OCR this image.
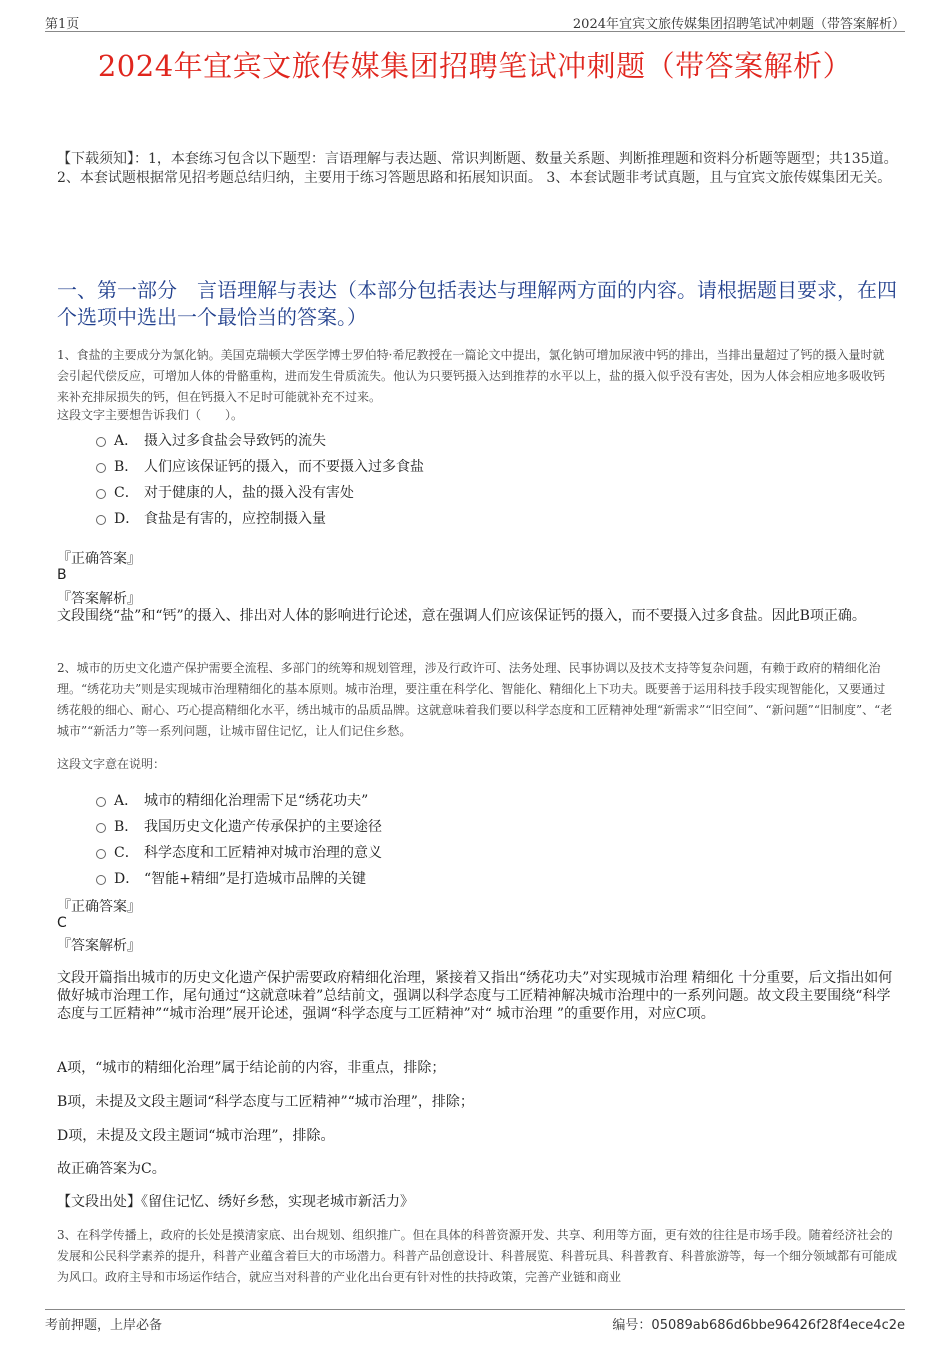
第1页	2024年宜宾文旅传媒集团招聘笔试冲刺题（带答案解析）
2024年宜宾文旅传媒集团招聘笔试冲刺题（带答案解析）
【下载须知】：1，本套练习包含以下题型：言语理解与表达题、常识判断题、数量关系题、判断推理题和资料分析题等题型；共135道。 2、本套试题根据常见招考题总结归纳，主要用于练习答题思路和拓展知识面。 3、本套试题非考试真题，且与宜宾文旅传媒集团无关。
一、第一部分　言语理解与表达（本部分包括表达与理解两方面的内容。请根据题目要求，在四个选项中选出一个最恰当的答案。）
1、食盐的主要成分为氯化钠。美国克瑞顿大学医学博士罗伯特·希尼教授在一篇论文中提出，氯化钠可增加尿液中钙的排出，当排出量超过了钙的摄入量时就会引起代偿反应，可增加人体的骨骼重构，进而发生骨质流失。他认为只要钙摄入达到推荐的水平以上，盐的摄入似乎没有害处，因为人体会相应地多吸收钙来补充排尿损失的钙，但在钙摄入不足时可能就补充不过来。
这段文字主要想告诉我们（　　）。
A． 摄入过多食盐会导致钙的流失
B． 人们应该保证钙的摄入，而不要摄入过多食盐
C． 对于健康的人，盐的摄入没有害处
D． 食盐是有害的，应控制摄入量
『正确答案』
B
『答案解析』
文段围绕“盐”和“钙”的摄入、排出对人体的影响进行论述，意在强调人们应该保证钙的摄入，而不要摄入过多食盐。因此B项正确。
2、城市的历史文化遗产保护需要全流程、多部门的统筹和规划管理，涉及行政许可、法务处理、民事协调以及技术支持等复杂问题，有赖于政府的精细化治理。“绣花功夫”则是实现城市治理精细化的基本原则。城市治理，要注重在科学化、智能化、精细化上下功夫。既要善于运用科技手段实现智能化，又要通过绣花般的细心、耐心、巧心提高精细化水平，绣出城市的品质品牌。这就意味着我们要以科学态度和工匠精神处理“新需求”“旧空间”、“新问题”“旧制度”、“老城市”“新活力”等一系列问题，让城市留住记忆，让人们记住乡愁。
这段文字意在说明：
A． 城市的精细化治理需下足“绣花功夫”
B． 我国历史文化遗产传承保护的主要途径
C． 科学态度和工匠精神对城市治理的意义
D． “智能+精细”是打造城市品牌的关键
『正确答案』
C
『答案解析』
文段开篇指出城市的历史文化遗产保护需要政府精细化治理，紧接着又指出“绣花功夫”对实现城市治理 精细化 十分重要，后文指出如何做好城市治理工作，尾句通过“这就意味着”总结前文，强调以科学态度与工匠精神解决城市治理中的一系列问题。故文段主要围绕“科学态度与工匠精神”“城市治理”展开论述，强调“科学态度与工匠精神”对“ 城市治理 ”的重要作用，对应C项。
A项，“城市的精细化治理”属于结论前的内容，非重点，排除；
B项，未提及文段主题词“科学态度与工匠精神”“城市治理”，排除；
D项，未提及文段主题词“城市治理”，排除。
故正确答案为C。
【文段出处】《留住记忆、绣好乡愁，实现老城市新活力》
3、在科学传播上，政府的长处是摸清家底、出台规划、组织推广。但在具体的科普资源开发、共享、利用等方面，更有效的往往是市场手段。随着经济社会的发展和公民科学素养的提升，科普产业蕴含着巨大的市场潜力。科普产品创意设计、科普展览、科普玩具、科普教育、科普旅游等，每一个细分领域都有可能成为风口。政府主导和市场运作结合，就应当对科普的产业化出台更有针对性的扶持政策，完善产业链和商业
考前押题，上岸必备	编号：05089ab686d6bbe96426f28f4ece4c2e
